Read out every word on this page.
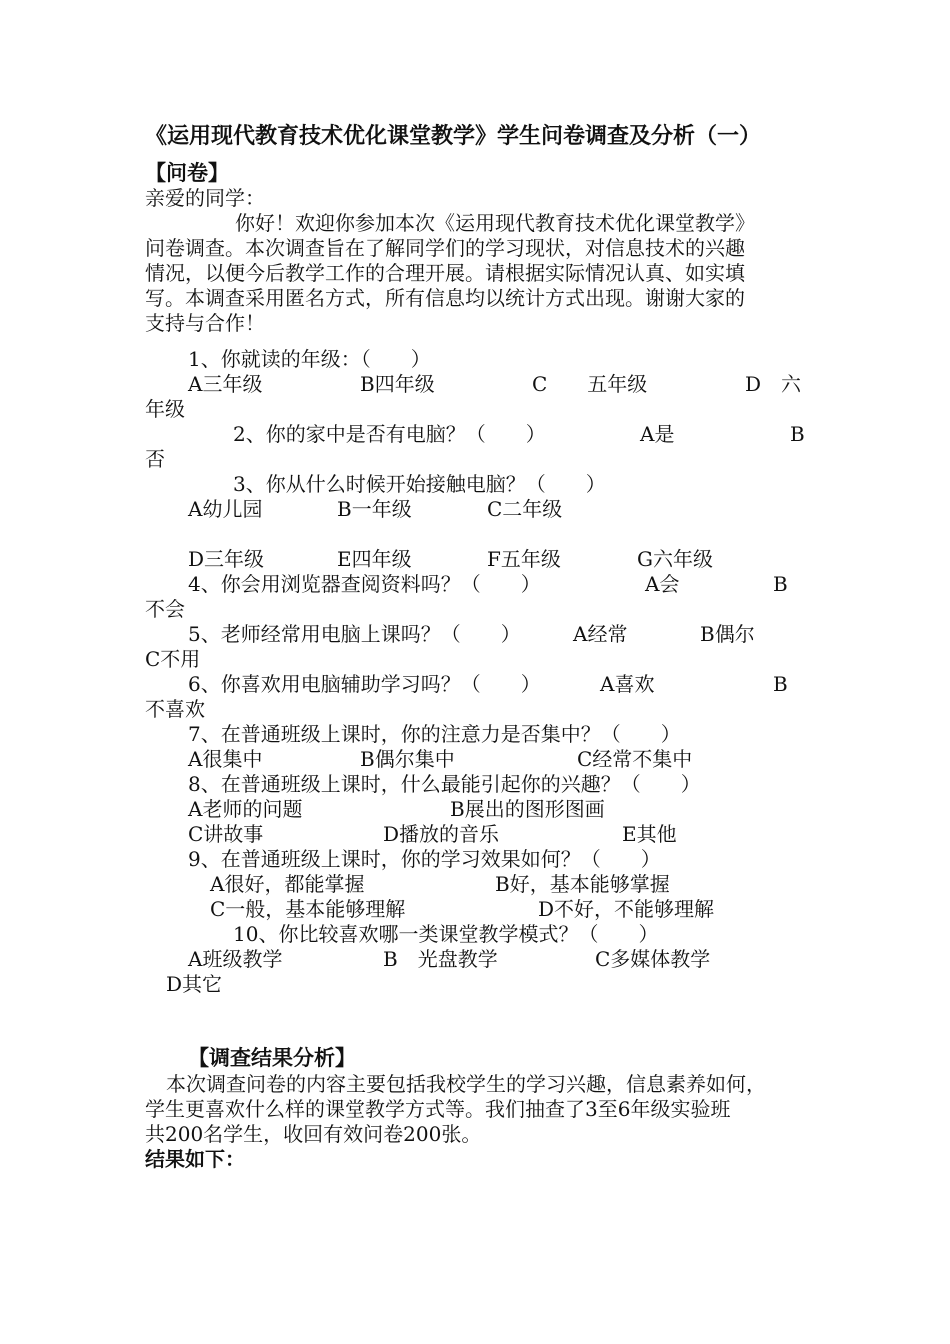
《运用现代教育技术优化课堂教学》学生问卷调查及分析（一）
【问卷】
亲爱的同学：
你好！欢迎你参加本次《运用现代教育技术优化课堂教学》
问卷调查。本次调查旨在了解同学们的学习现状，对信息技术的兴趣
情况，以便今后教学工作的合理开展。请根据实际情况认真、如实填
写。本调查采用匿名方式，所有信息均以统计方式出现。谢谢大家的
支持与合作！
1、你就读的年级：（　　）
A三年级	B四年级	C　　五年级	D　六
年级
2、你的家中是否有电脑？（　　）	A是	B
否
3、你从什么时候开始接触电脑？（　　）
A幼儿园	B一年级	C二年级
D三年级	E四年级	F五年级	G六年级
4、你会用浏览器查阅资料吗？（　　）	A会	B
不会
5、老师经常用电脑上课吗？（　　）	A经常	B偶尔
C不用
6、你喜欢用电脑辅助学习吗？（　　）	A喜欢	B
不喜欢
7、在普通班级上课时，你的注意力是否集中？（　　）
A很集中	B偶尔集中	C经常不集中
8、在普通班级上课时，什么最能引起你的兴趣？（　　）
A老师的问题	B展出的图形图画
C讲故事	D播放的音乐	E其他
9、在普通班级上课时，你的学习效果如何？（　　）
A很好，都能掌握	B好，基本能够掌握
C一般，基本能够理解	D不好，不能够理解
10、你比较喜欢哪一类课堂教学模式？（　　）
A班级教学	B　光盘教学	C多媒体教学
D其它
【调查结果分析】
本次调查问卷的内容主要包括我校学生的学习兴趣，信息素养如何，
学生更喜欢什么样的课堂教学方式等。我们抽查了3至6年级实验班
共200名学生，收回有效问卷200张。
结果如下：
